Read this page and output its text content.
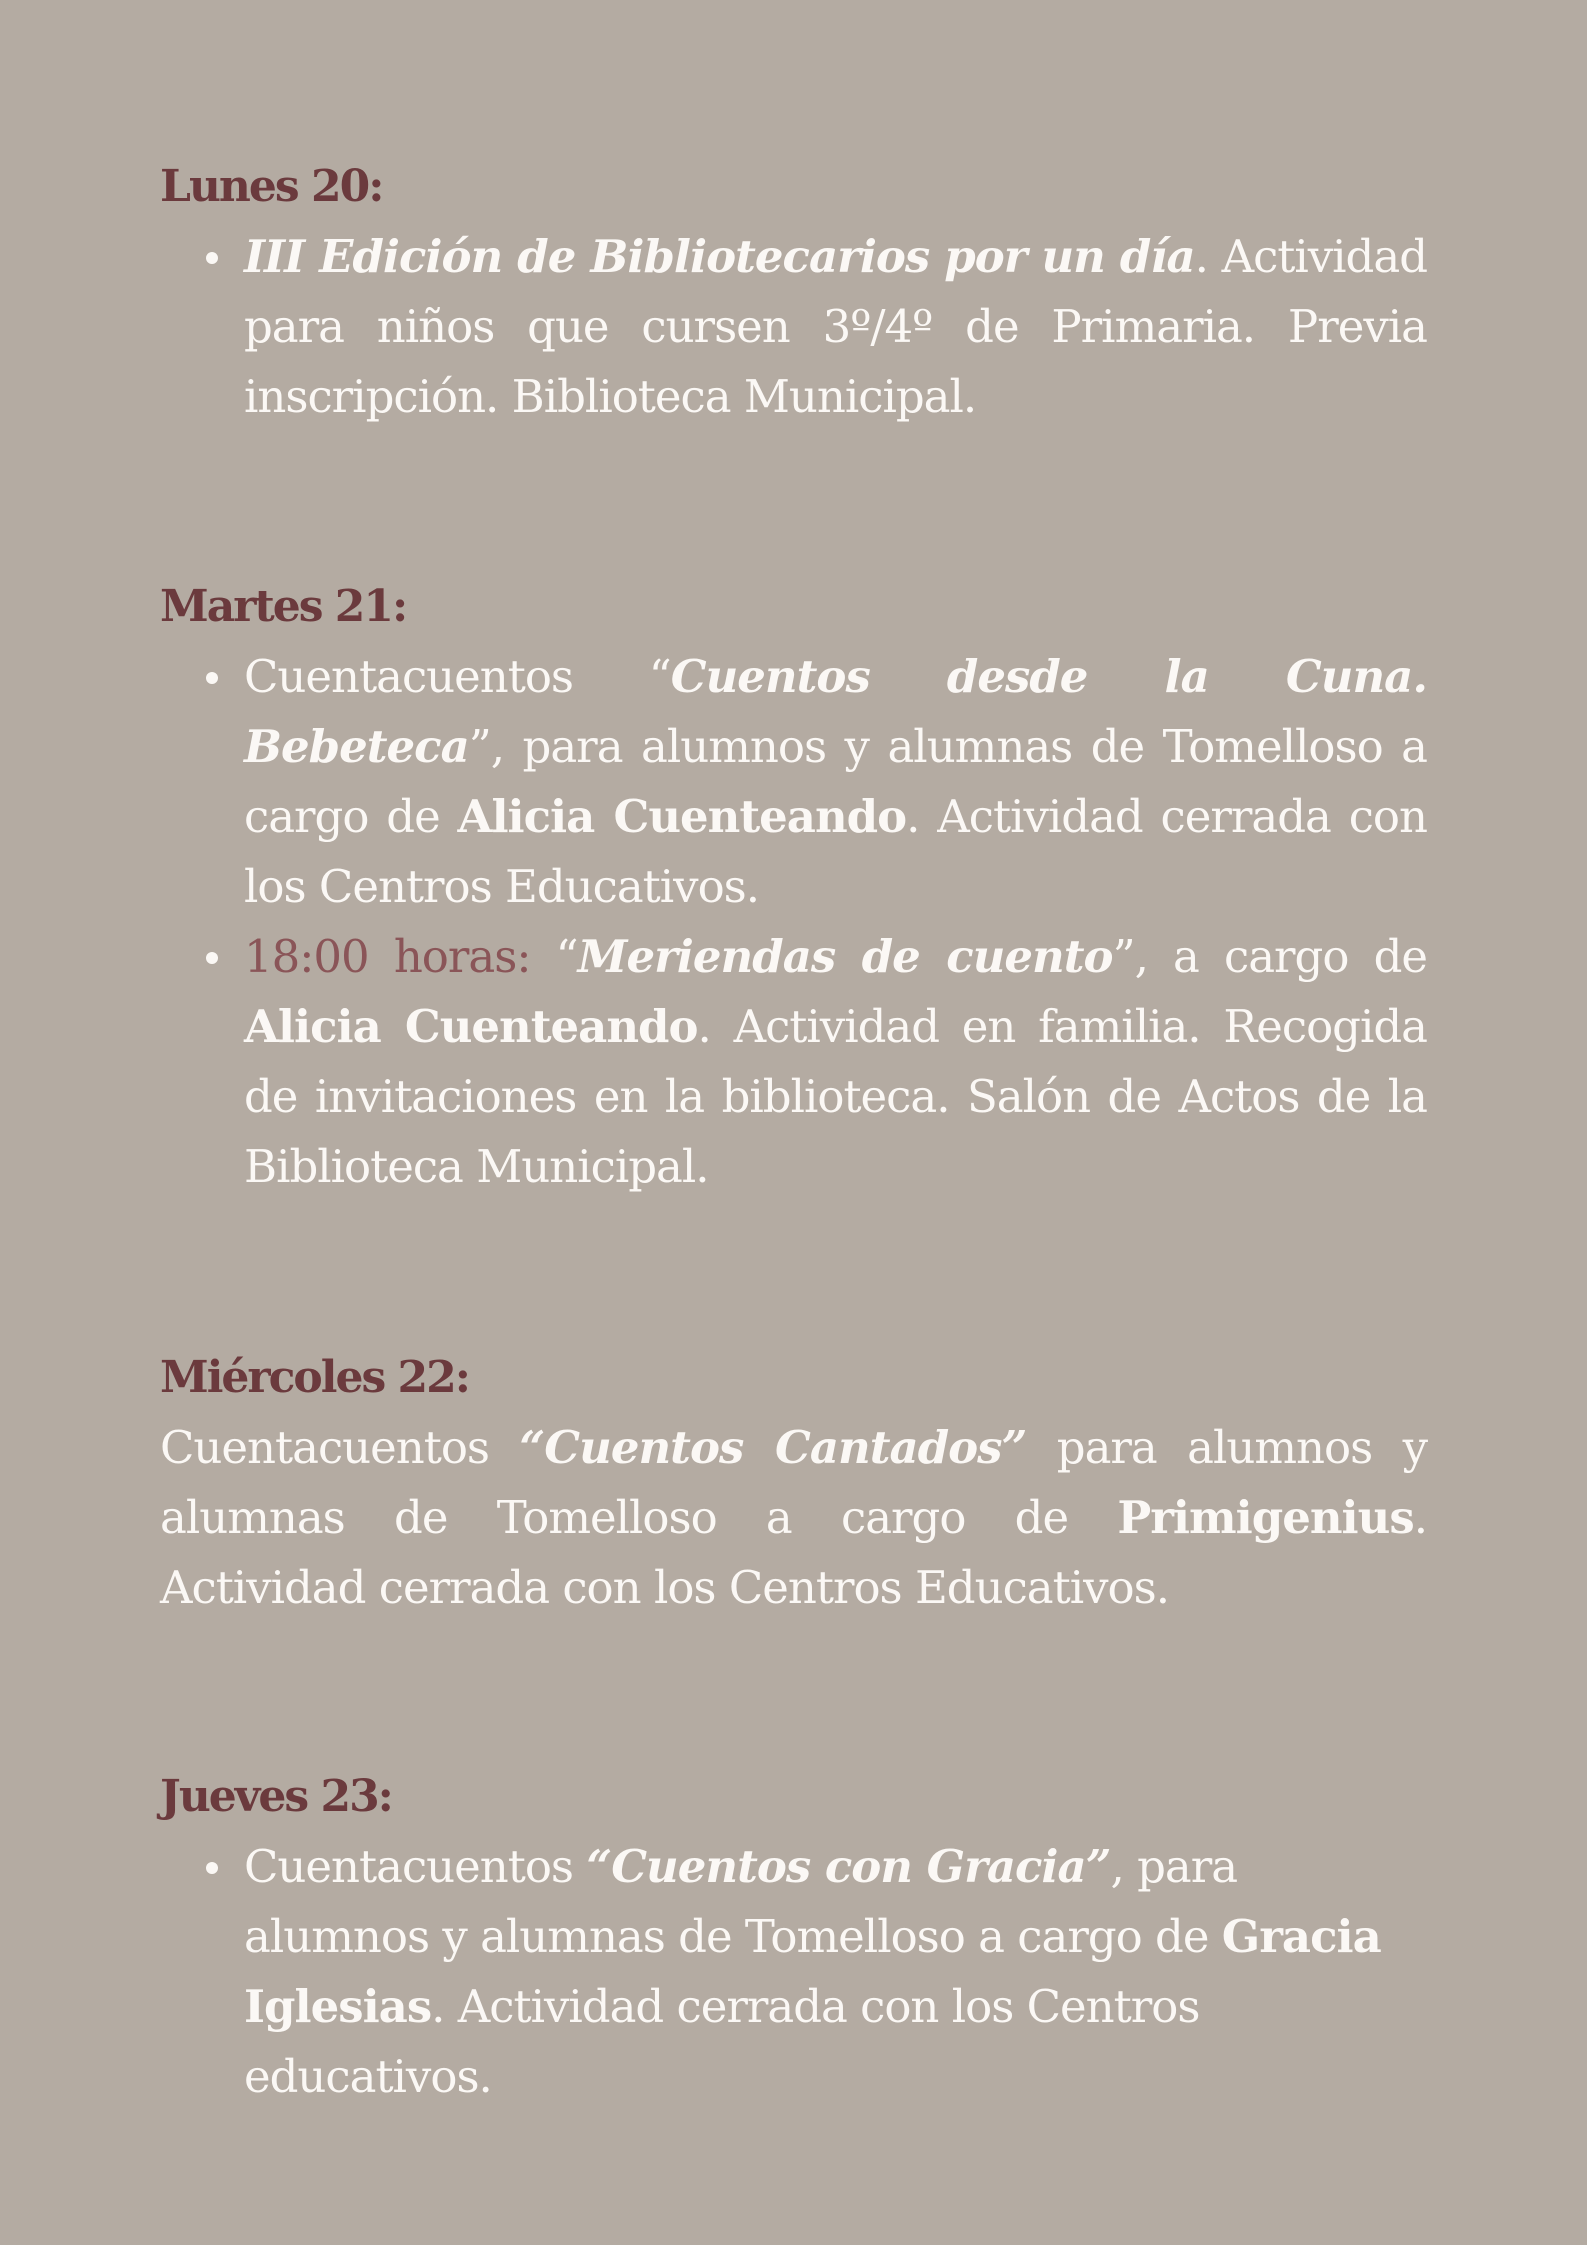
Lunes 20:
III Edición de Bibliotecarios por un día. Actividad para niños que cursen 3º/4º de Primaria. Previa inscripción. Biblioteca Municipal.
Martes 21:
Cuentacuentos “Cuentos desde la Cuna. Bebeteca”, para alumnos y alumnas de Tomelloso a cargo de Alicia Cuenteando. Actividad cerrada con los Centros Educativos.
18:00 horas: “Meriendas de cuento”, a cargo de Alicia Cuenteando. Actividad en familia. Recogida de invitaciones en la biblioteca. Salón de Actos de la Biblioteca Municipal.
Miércoles 22:

Cuentacuentos “Cuentos Cantados” para alumnos y alumnas de Tomelloso a cargo de Primigenius. Actividad cerrada con los Centros Educativos.

Jueves 23:
Cuentacuentos “Cuentos con Gracia”, para alumnos y alumnas de Tomelloso a cargo de Gracia Iglesias. Actividad cerrada con los Centros educativos.
